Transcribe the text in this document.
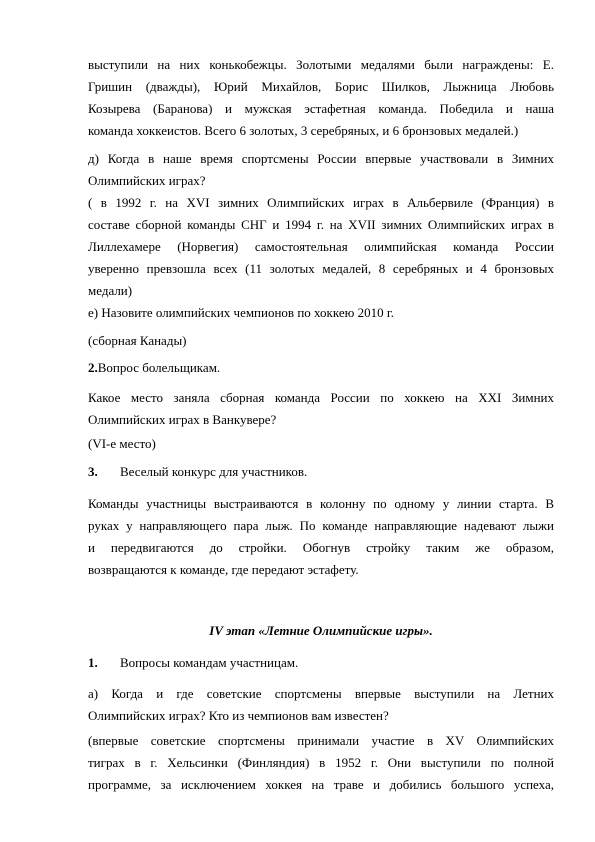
выступили на них конькобежцы. Золотыми медалями были награждены: Е.
Гришин (дважды), Юрий Михайлов, Борис Шилков, Лыжница Любовь
Козырева (Баранова) и мужская эстафетная команда. Победила и наша
команда хоккеистов. Всего 6 золотых, 3 серебряных, и 6 бронзовых медалей.)
д) Когда в наше время спортсмены России впервые участвовали в Зимних
Олимпийских играх?
( в 1992 г. на XVI зимних Олимпийских играх в Альбервиле (Франция) в
составе сборной команды СНГ и 1994 г. на XVII зимних Олимпийских играх в
Лиллехамере (Норвегия) самостоятельная олимпийская команда России
уверенно превзошла всех (11 золотых медалей, 8 серебряных и 4 бронзовых
медали)
е) Назовите олимпийских чемпионов по хоккею 2010 г.
(сборная Канады)
2.Вопрос болельщикам.
Какое место заняла сборная команда России по хоккею на XXI Зимних
Олимпийских играх в Ванкувере?
(VI-е место)
3. Веселый конкурс для участников.
Команды участницы выстраиваются в колонну по одному у линии старта. В
руках у направляющего пара лыж. По команде направляющие надевают лыжи
и передвигаются до стройки. Обогнув стройку таким же образом,
возвращаются к команде, где передают эстафету.
IV этап «Летние Олимпийские игры».
1. Вопросы командам участницам.
а) Когда и где советские спортсмены впервые выступили на Летних
Олимпийских играх? Кто из чемпионов вам известен?
(впервые советские спортсмены принимали участие в XV Олимпийских
тиграх в г. Хельсинки (Финляндия) в 1952 г. Они выступили по полной
программе, за исключением хоккея на траве и добились большого успеха,
